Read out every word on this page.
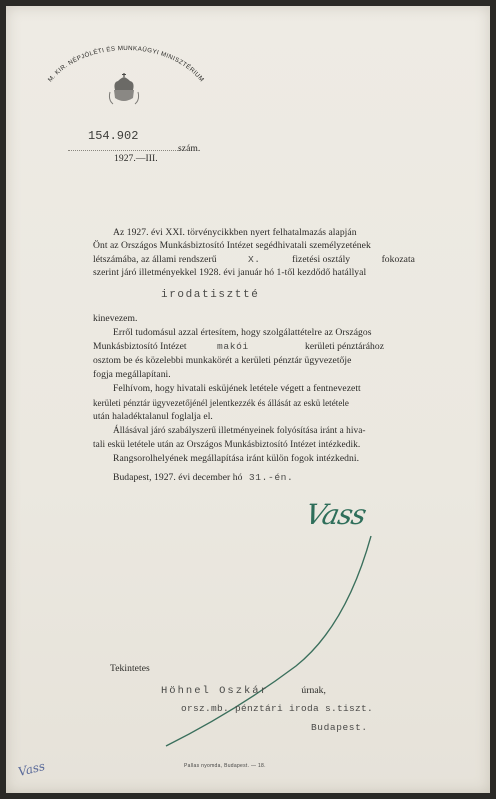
M. KIR. NÉPJÓLÉTI ÉS MUNKAÜGYI MINISZTÉRIUM
154.902
szám.
1927.—III.
Az 1927. évi XXI. törvénycikkben nyert felhatalmazás alapján
Önt az Országos Munkásbiztosító Intézet segédhivatali személyzetének
létszámába, az állami rendszerű	X.	fizetési osztály	fokozata
szerint járó illetményekkel 1928. évi január hó 1-től kezdődő hatállyal
irodatisztté
kinevezem.
Erről tudomásul azzal értesítem, hogy szolgálattételre az Országos
Munkásbiztosító Intézet	makói	kerületi pénztárához
osztom be és közelebbi munkakörét a kerületi pénztár ügyvezetője
fogja megállapítani.
Felhívom, hogy hivatali esküjének letétele végett a fentnevezett
kerületi pénztár ügyvezetőjénél jelentkezzék és állását az eskü letétele
után haladéktalanul foglalja el.
Állásával járó szabályszerű illetményeinek folyósítása iránt a hiva-
tali eskü letétele után az Országos Munkásbiztosító Intézet intézkedik.
Rangsorolhelyének megállapítása iránt külön fogok intézkedni.
Budapest, 1927. évi december hó 31.-én.
Vass
Tekintetes
Höhnel Oszkár	úrnak,
orsz.mb. pénztári iroda s.tiszt.
Budapest.
Pallas nyomda, Budapest. — 18.
Vass
